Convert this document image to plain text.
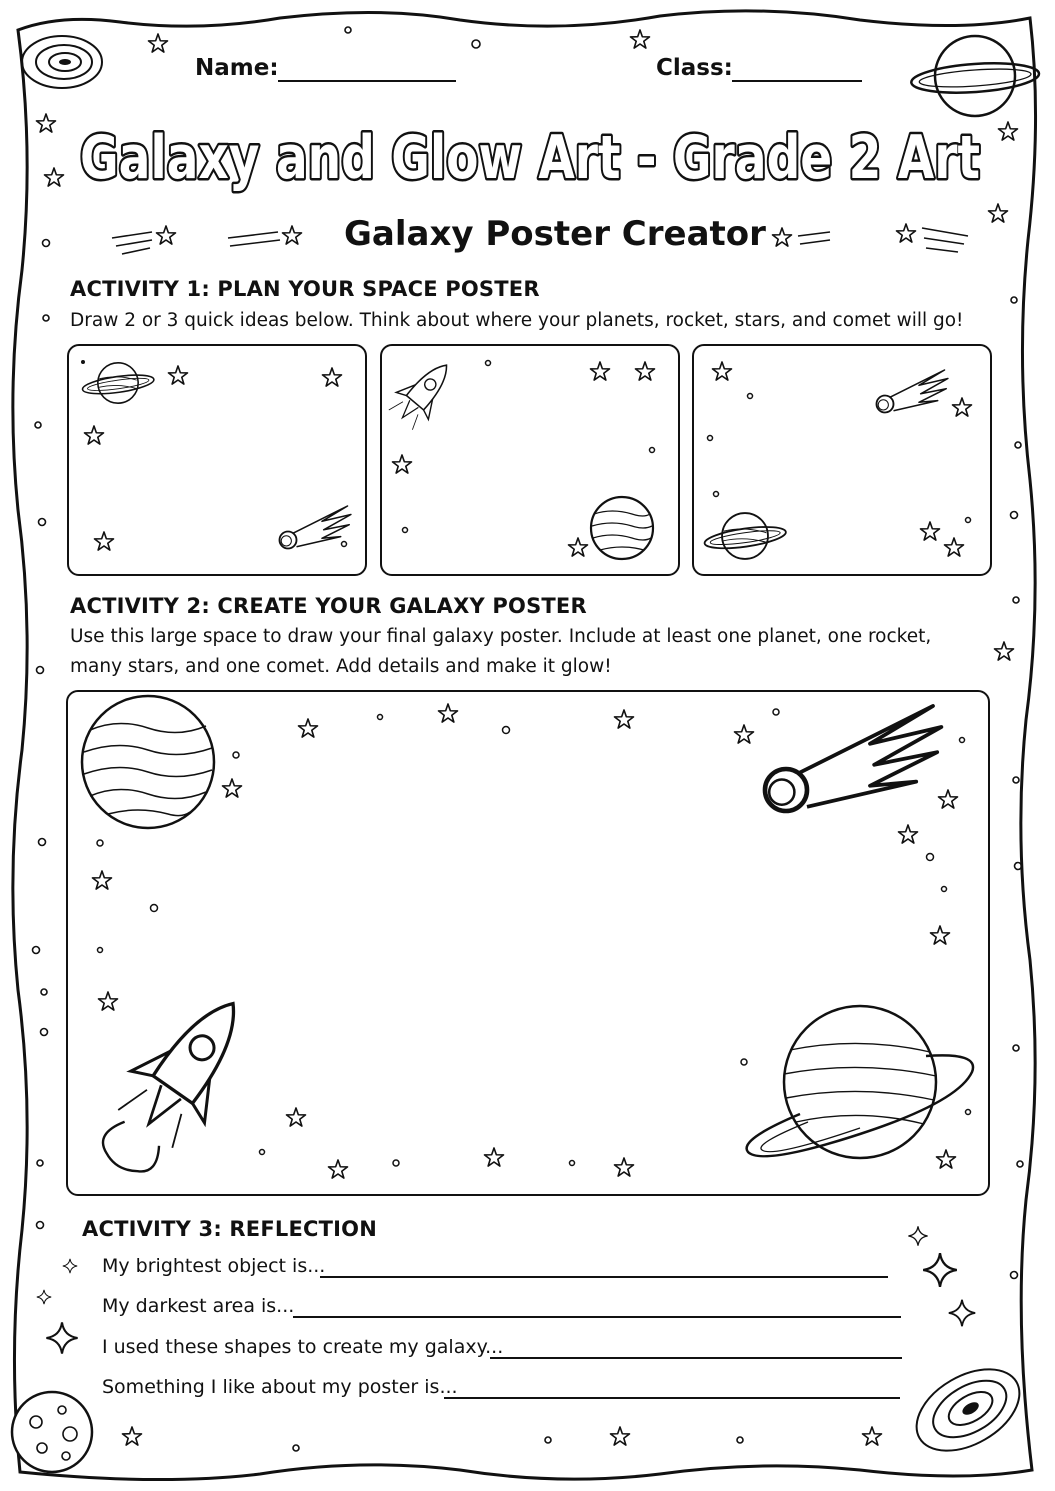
Name:	Class:
Galaxy and Glow Art - Grade 2 Art
Galaxy Poster Creator
ACTIVITY 1: PLAN YOUR SPACE POSTER
Draw 2 or 3 quick ideas below. Think about where your planets, rocket, stars, and comet will go!
ACTIVITY 2: CREATE YOUR GALAXY POSTER
Use this large space to draw your final galaxy poster. Include at least one planet, one rocket,
many stars, and one comet. Add details and make it glow!
ACTIVITY 3: REFLECTION
My brightest object is...
My darkest area is...
I used these shapes to create my galaxy...
Something I like about my poster is...
